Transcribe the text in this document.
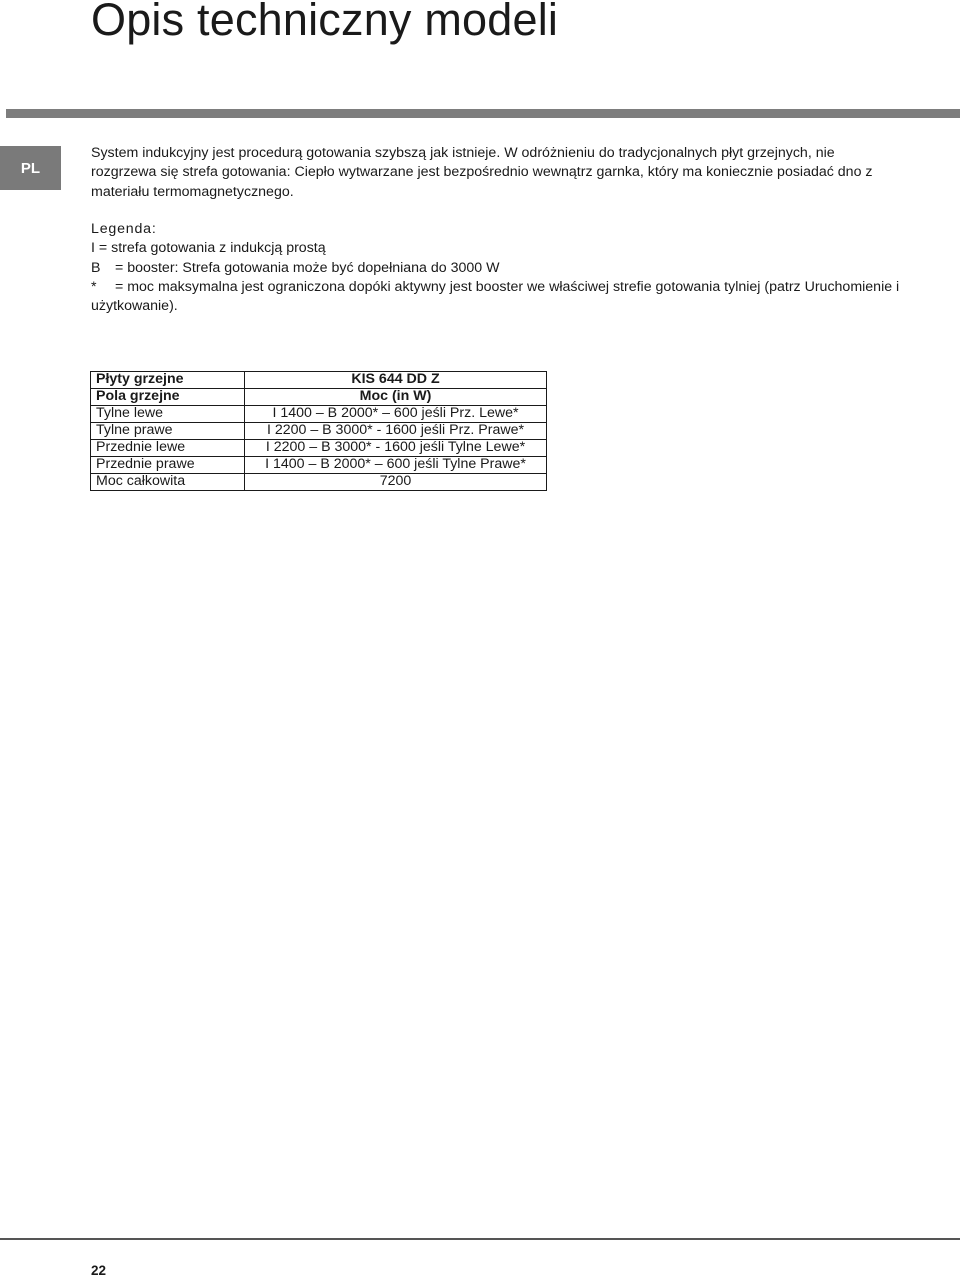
Opis techniczny modeli
PL

System indukcyjny jest procedurą gotowania szybszą jak istnieje. W odróżnieniu do tradycjonalnych płyt grzejnych, nie rozgrzewa się strefa gotowania: Ciepło wytwarzane jest bezpośrednio wewnątrz garnka, który ma koniecznie posiadać dno z materiału termomagnetycznego.

Legenda:
I = strefa gotowania z indukcją prostą
B = booster: Strefa gotowania może być dopełniana do 3000 W
* = moc maksymalna jest ograniczona dopóki aktywny jest booster we właściwej strefie gotowania tylniej (patrz Uruchomienie i użytkowanie).
Płyty grzejne	KIS 644 DD Z
Pola grzejne	Moc (in W)
Tylne lewe	I 1400 – B 2000* – 600 jeśli Prz. Lewe*
Tylne prawe	I 2200 – B 3000* - 1600 jeśli Prz. Prawe*
Przednie lewe	I 2200 – B 3000* - 1600 jeśli Tylne Lewe*
Przednie prawe	I 1400 – B 2000* – 600 jeśli Tylne Prawe*
Moc całkowita	7200
22
